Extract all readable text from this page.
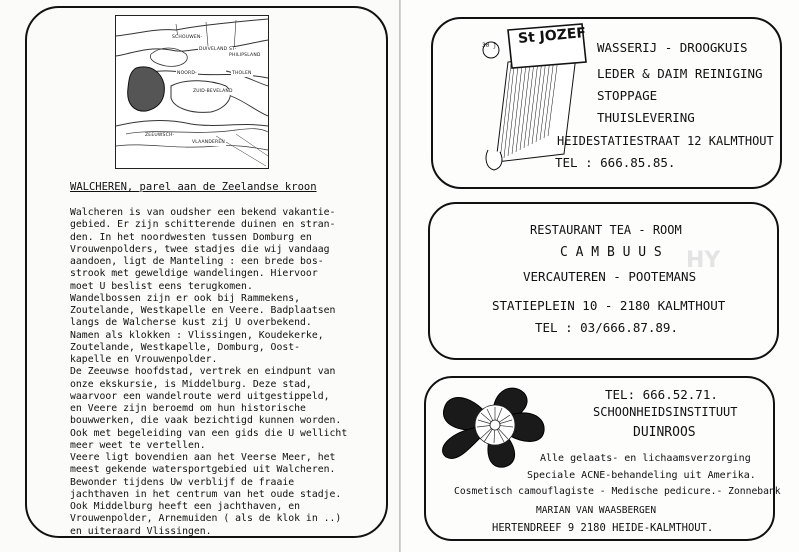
SCHOUWEN-
DUIVELAND ST-PHILIPSLAND
NOORD-	THOLEN
ZUID-BEVELAND
ZEEUWSCH-
VLAANDEREN
WALCHEREN, parel aan de Zeelandse kroon
Walcheren is van oudsher een bekend vakantie-
gebied. Er zijn schitterende duinen en stran-
den. In het noordwesten tussen Domburg en
Vrouwenpolders, twee stadjes die wij vandaag
aandoen, ligt de Manteling : een brede bos-
strook met geweldige wandelingen. Hiervoor
moet U beslist eens terugkomen.
Wandelbossen zijn er ook bij Rammekens,
Zoutelande, Westkapelle en Veere. Badplaatsen
langs de Walcherse kust zij U overbekend.
Namen als klokken : Vlissingen, Koudekerke,
Zoutelande, Westkapelle, Domburg, Oost-
kapelle en Vrouwenpolder.
De Zeeuwse hoofdstad, vertrek en eindpunt van
onze ekskursie, is Middelburg. Deze stad,
waarvoor een wandelroute werd uitgestippeld,
en Veere zijn beroemd om hun historische
bouwwerken, die vaak bezichtigd kunnen worden.
Ook met begeleiding van een gids die U wellicht
meer weet te vertellen.
Veere ligt bovendien aan het Veerse Meer, het
meest gekende watersportgebied uit Walcheren.
Bewonder tijdens Uw verblijf de fraaie
jachthaven in het centrum van het oude stadje.
Ook Middelburg heeft een jachthaven, en
Vrouwenpolder, Arnemuiden ( als de klok in ..)
en uiteraard Vlissingen.
HY
30 j St JOZEF
WASSERIJ - DROOGKUIS
LEDER & DAIM REINIGING
STOPPAGE
THUISLEVERING
HEIDESTATIESTRAAT 12 KALMTHOUT
TEL : 666.85.85.
RESTAURANT TEA - ROOM
C A M B U U S
VERCAUTEREN - POOTEMANS
STATIEPLEIN 10 - 2180 KALMTHOUT
TEL : 03/666.87.89.
TEL: 666.52.71.
SCHOONHEIDSINSTITUUT
DUINROOS
Alle gelaats- en lichaamsverzorging
Speciale ACNE-behandeling uit Amerika.
Cosmetisch camouflagiste - Medische pedicure.- Zonnebank
MARIAN VAN WAASBERGEN
HERTENDREEF 9 2180 HEIDE-KALMTHOUT.
